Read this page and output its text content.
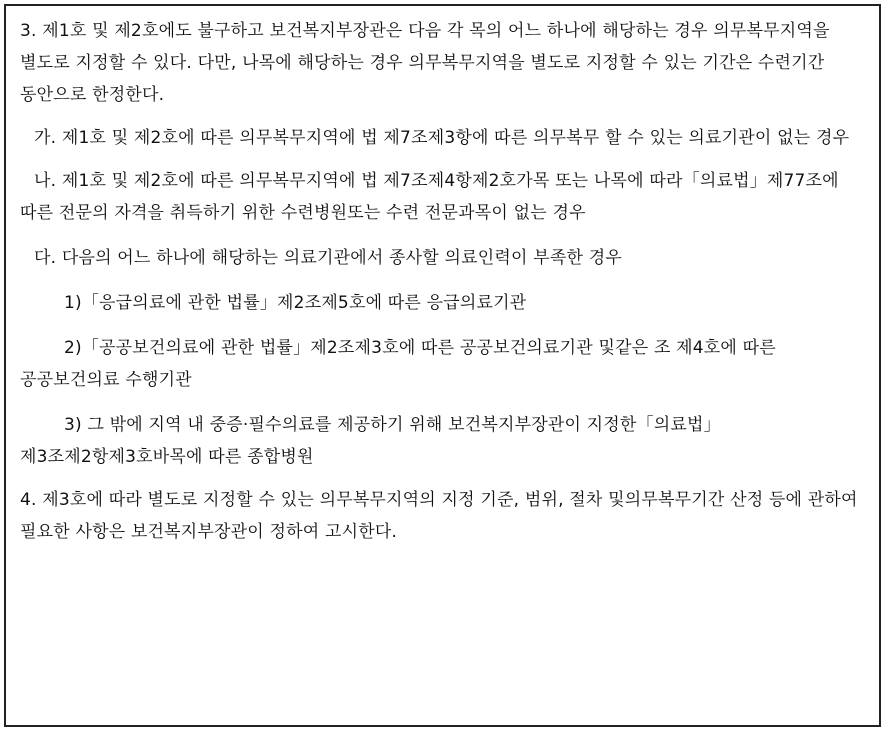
3. 제1호 및 제2호에도 불구하고 보건복지부장관은 다음 각 목의 어느 하나에 해당하는 경우 의무복무지역을 별도로 지정할 수 있다. 다만, 나목에 해당하는 경우 의무복무지역을 별도로 지정할 수 있는 기간은 수련기간 동안으로 한정한다.

가. 제1호 및 제2호에 따른 의무복무지역에 법 제7조제3항에 따른 의무복무 할 수 있는 의료기관이 없는 경우

나. 제1호 및 제2호에 따른 의무복무지역에 법 제7조제4항제2호가목 또는 나목에 따라「의료법」제77조에 따른 전문의 자격을 취득하기 위한 수련병원또는 수련 전문과목이 없는 경우

다. 다음의 어느 하나에 해당하는 의료기관에서 종사할 의료인력이 부족한 경우

1)「응급의료에 관한 법률」제2조제5호에 따른 응급의료기관

2)「공공보건의료에 관한 법률」제2조제3호에 따른 공공보건의료기관 및같은 조 제4호에 따른 공공보건의료 수행기관

3) 그 밖에 지역 내 중증·필수의료를 제공하기 위해 보건복지부장관이 지정한「의료법」제3조제2항제3호바목에 따른 종합병원

4. 제3호에 따라 별도로 지정할 수 있는 의무복무지역의 지정 기준, 범위, 절차 및의무복무기간 산정 등에 관하여 필요한 사항은 보건복지부장관이 정하여 고시한다.
